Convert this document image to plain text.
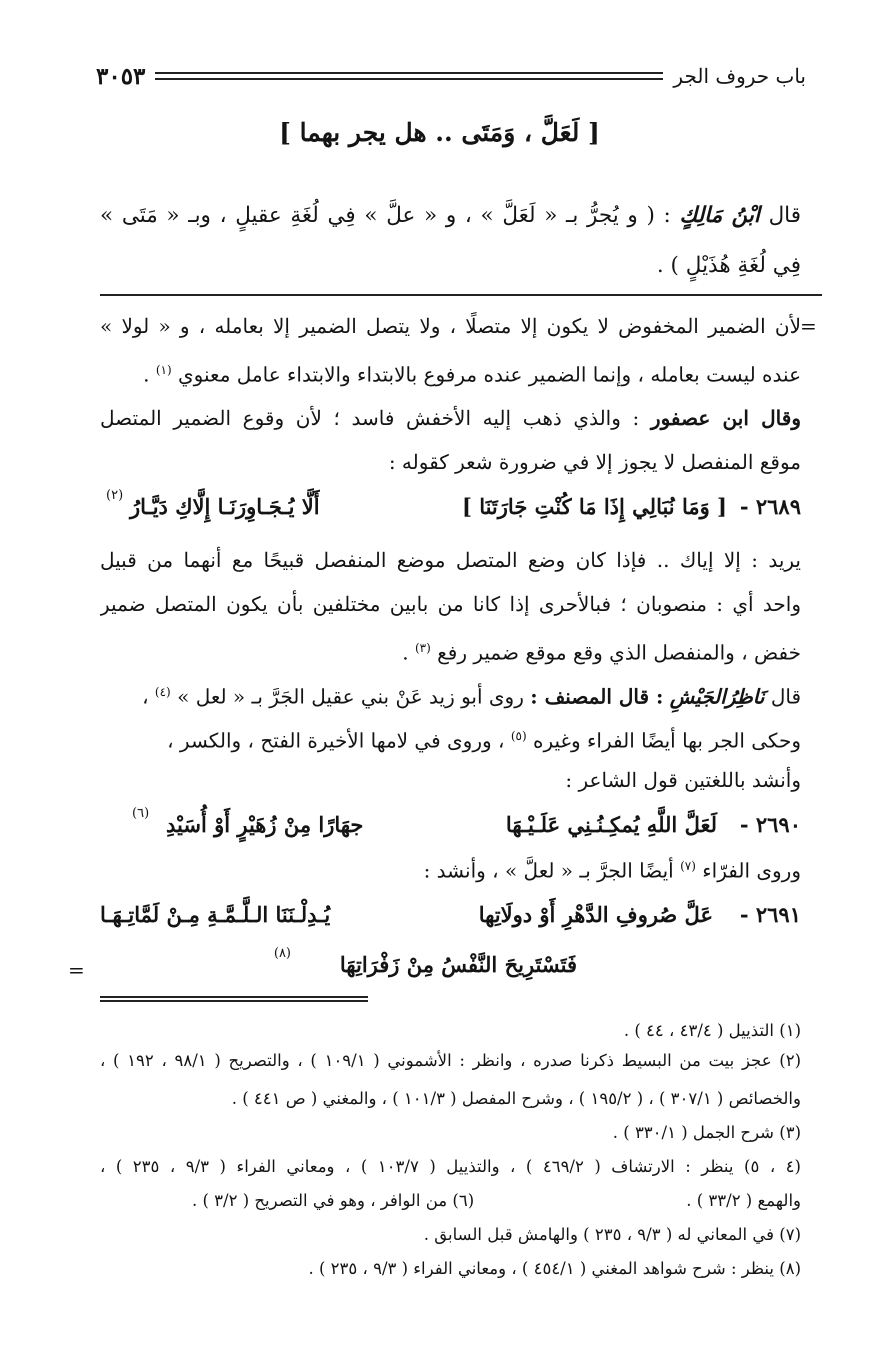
باب حروف الجر
٣٠٥٣
[ لَعَلَّ ، وَمَتَى .. هل يجر بهما ]
قال ابْنُ مَالِكٍ : ( و يُجرُّ بـ « لَعَلَّ » ، و « علَّ » فِي لُغَةِ عقيلٍ ، وبـ « مَتَى »
فِي لُغَةِ هُذَيْلٍ ) .
=
لأن الضمير المخفوض لا يكون إلا متصلًا ، ولا يتصل الضمير إلا بعامله ، و « لولا »
عنده ليست بعامله ، وإنما الضمير عنده مرفوع بالابتداء والابتداء عامل معنوي $^{(١)}$ .
وقال ابن عصفور : والذي ذهب إليه الأخفش فاسد ؛ لأن وقوع الضمير المتصل
موقع المنفصل لا يجوز إلا في ضرورة شعر كقوله :
٢٦٨٩ -
[ وَمَا نُبَالِي إِذَا مَا كُنْتِ جَارَتَنَا ]
أَلَّا يُـجَـاوِرَنَـا إِلَّاكِ دَيَّـارُ
(٢)
يريد : إلا إياك .. فإذا كان وضع المتصل موضع المنفصل قبيحًا مع أنهما من قبيل
واحد أي : منصوبان ؛ فبالأحرى إذا كانا من بابين مختلفين بأن يكون المتصل ضمير
خفض ، والمنفصل الذي وقع موقع ضمير رفع $^{(٣)}$ .
قال نَاظِرُالجَيْشِ : قال المصنف : روى أبو زيد عَنْ بني عقيل الجَرَّ بـ « لعل » $^{(٤)}$ ،
وحكى الجر بها أيضًا الفراء وغيره $^{(٥)}$ ، وروى في لامها الأخيرة الفتح ، والكسر ،
وأنشد باللغتين قول الشاعر :
٢٦٩٠ -
لَعَلَّ اللَّهِ يُمكِـنُـنِي عَلَـيْـهَا
جهَارًا مِنْ زُهَيْرٍ أَوْ أُسَيْدِ
(٦)
وروى الفرّاء $^{(٧)}$ أيضًا الجرَّ بـ « لعلَّ » ، وأنشد :
٢٦٩١ -
عَلَّ صُروفِ الدَّهْرِ أَوْ دولَاتِها
يُـدِلْـنَنَا الـلَّـمَّـةِ مِـنْ لَمَّاتِـهَـا
فَتَسْتَرِيحَ النَّفْسُ مِنْ زَفْرَاتِهَا
(٨)
=
(١) التذييل ( ٤٣/٤ ، ٤٤ ) .
(٢) عجز بيت من البسيط ذكرنا صدره ، وانظر : الأشموني ( ١٠٩/١ ) ، والتصريح ( ٩٨/١ ، ١٩٢ ) ،
والخصائص ( ٣٠٧/١ ) ، ( ١٩٥/٢ ) ، وشرح المفصل ( ١٠١/٣ ) ، والمغني ( ص ٤٤١ ) .
(٣) شرح الجمل ( ٣٣٠/١ ) .
(٤ ، ٥) ينظر : الارتشاف ( ٤٦٩/٢ ) ، والتذييل ( ١٠٣/٧ ) ، ومعاني الفراء ( ٩/٣ ، ٢٣٥ ) ،
والهمع ( ٣٣/٢ ) .
(٦) من الوافر ، وهو في التصريح ( ٣/٢ ) .
(٧) في المعاني له ( ٩/٣ ، ٢٣٥ ) والهامش قبل السابق .
(٨) ينظر : شرح شواهد المغني ( ٤٥٤/١ ) ، ومعاني الفراء ( ٩/٣ ، ٢٣٥ ) .
